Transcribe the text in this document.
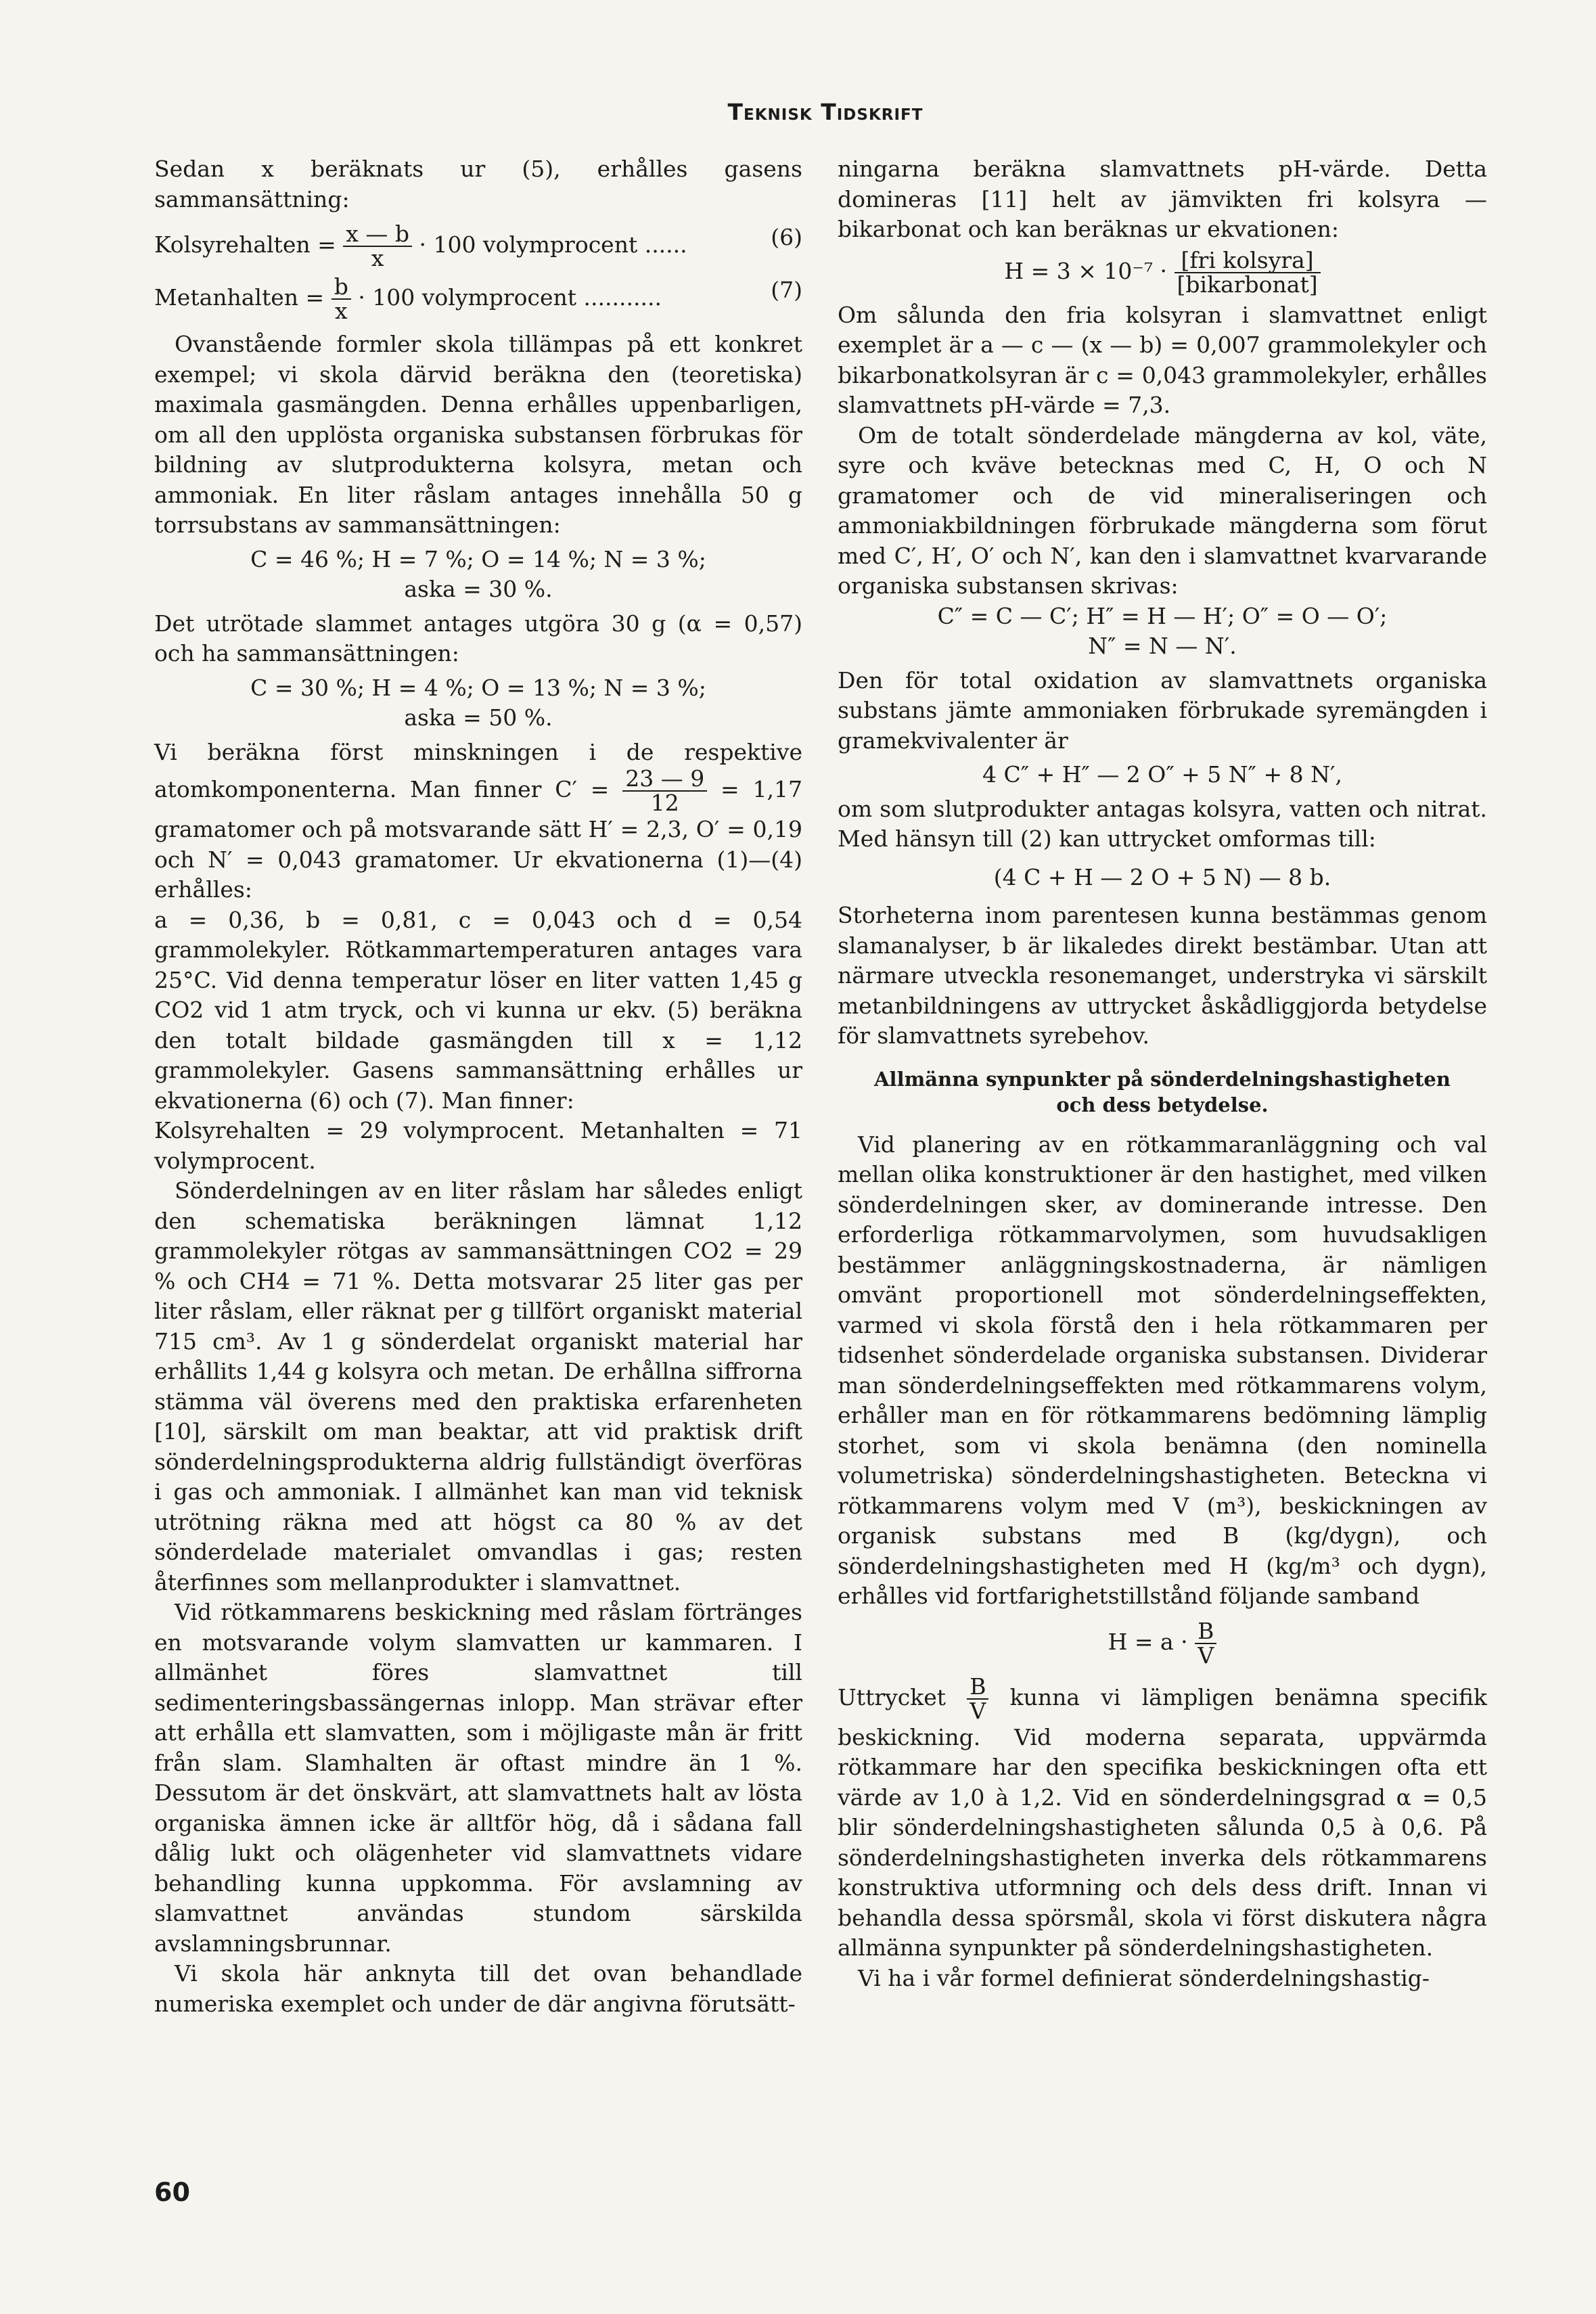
Teknisk Tidskrift

Sedan x beräknats ur (5), erhålles gasens sammansättning:

Kolsyrehalten = $\frac{x — b}{x} \cdot 100$ volymprocent ......	(6)
Metanhalten = $\frac{b}{x} \cdot 100$ volymprocent ...........	(7)

Ovanstående formler skola tillämpas på ett konkret exempel; vi skola därvid beräkna den (teoretiska) maximala gasmängden. Denna erhålles uppenbarligen, om all den upplösta organiska substansen förbrukas för bildning av slutprodukterna kolsyra, metan och ammoniak. En liter råslam antages innehålla 50 g torrsubstans av sammansättningen:

C = 46 %; H = 7 %; O = 14 %; N = 3 %;

aska = 30 %.

Det utrötade slammet antages utgöra 30 g (α = 0,57) och ha sammansättningen:

C = 30 %; H = 4 %; O = 13 %; N = 3 %;

aska = 50 %.

Vi beräkna först minskningen i de respektive atomkomponenterna. Man finner $C' = \frac{23 — 9}{12} = 1,17$ gramatomer och på motsvarande sätt H′ = 2,3, O′ = 0,19 och N′ = 0,043 gramatomer. Ur ekvationerna (1)—(4) erhålles:

a = 0,36, b = 0,81, c = 0,043 och d = 0,54 grammolekyler. Rötkammartemperaturen antages vara 25°C. Vid denna temperatur löser en liter vatten 1,45 g CO2 vid 1 atm tryck, och vi kunna ur ekv. (5) beräkna den totalt bildade gasmängden till x = 1,12 grammolekyler. Gasens sammansättning erhålles ur ekvationerna (6) och (7). Man finner:

Kolsyrehalten = 29 volymprocent. Metanhalten = 71 volymprocent.

Sönderdelningen av en liter råslam har således enligt den schematiska beräkningen lämnat 1,12 grammolekyler rötgas av sammansättningen CO2 = 29 % och CH4 = 71 %. Detta motsvarar 25 liter gas per liter råslam, eller räknat per g tillfört organiskt material 715 cm³. Av 1 g sönderdelat organiskt material har erhållits 1,44 g kolsyra och metan. De erhållna siffrorna stämma väl överens med den praktiska erfarenheten [10], särskilt om man beaktar, att vid praktisk drift sönderdelningsprodukterna aldrig fullständigt överföras i gas och ammoniak. I allmänhet kan man vid teknisk utrötning räkna med att högst ca 80 % av det sönderdelade materialet omvandlas i gas; resten återfinnes som mellanprodukter i slamvattnet.

Vid rötkammarens beskickning med råslam förtränges en motsvarande volym slamvatten ur kammaren. I allmänhet föres slamvattnet till sedimenteringsbassängernas inlopp. Man strävar efter att erhålla ett slamvatten, som i möjligaste mån är fritt från slam. Slamhalten är oftast mindre än 1 %. Dessutom är det önskvärt, att slamvattnets halt av lösta organiska ämnen icke är alltför hög, då i sådana fall dålig lukt och olägenheter vid slamvattnets vidare behandling kunna uppkomma. För avslamning av slamvattnet användas stundom särskilda avslamningsbrunnar.

Vi skola här anknyta till det ovan behandlade numeriska exemplet och under de där angivna förutsätt-

ningarna beräkna slamvattnets pH-värde. Detta domineras [11] helt av jämvikten fri kolsyra — bikarbonat och kan beräknas ur ekvationen:

$H = 3 \times 10^{-7} \cdot \frac{\text{[fri kolsyra]}}{\text{[bikarbonat]}}$

Om sålunda den fria kolsyran i slamvattnet enligt exemplet är a — c — (x — b) = 0,007 grammolekyler och bikarbonatkolsyran är c = 0,043 grammolekyler, erhålles slamvattnets pH-värde = 7,3.

Om de totalt sönderdelade mängderna av kol, väte, syre och kväve betecknas med C, H, O och N gramatomer och de vid mineraliseringen och ammoniakbildningen förbrukade mängderna som förut med C′, H′, O′ och N′, kan den i slamvattnet kvarvarande organiska substansen skrivas:

C″ = C — C′; H″ = H — H′; O″ = O — O′;

N″ = N — N′.

Den för total oxidation av slamvattnets organiska substans jämte ammoniaken förbrukade syremängden i gramekvivalenter är

4 C″ + H″ — 2 O″ + 5 N″ + 8 N′,

om som slutprodukter antagas kolsyra, vatten och nitrat. Med hänsyn till (2) kan uttrycket omformas till:

(4 C + H — 2 O + 5 N) — 8 b.

Storheterna inom parentesen kunna bestämmas genom slamanalyser, b är likaledes direkt bestämbar. Utan att närmare utveckla resonemanget, understryka vi särskilt metanbildningens av uttrycket åskådliggjorda betydelse för slamvattnets syrebehov.

Allmänna synpunkter på sönderdelningshastigheten
och dess betydelse.

Vid planering av en rötkammaranläggning och val mellan olika konstruktioner är den hastighet, med vilken sönderdelningen sker, av dominerande intresse. Den erforderliga rötkammarvolymen, som huvudsakligen bestämmer anläggningskostnaderna, är nämligen omvänt proportionell mot sönderdelningseffekten, varmed vi skola förstå den i hela rötkammaren per tidsenhet sönderdelade organiska substansen. Dividerar man sönderdelningseffekten med rötkammarens volym, erhåller man en för rötkammarens bedömning lämplig storhet, som vi skola benämna (den nominella volumetriska) sönderdelningshastigheten. Beteckna vi rötkammarens volym med V (m³), beskickningen av organisk substans med B (kg/dygn), och sönderdelningshastigheten med H (kg/m³ och dygn), erhålles vid fortfarighetstillstånd följande samband

$H = a \cdot \frac{B}{V}$

Uttrycket $\frac{B}{V}$ kunna vi lämpligen benämna specifik beskickning. Vid moderna separata, uppvärmda rötkammare har den specifika beskickningen ofta ett värde av 1,0 à 1,2. Vid en sönderdelningsgrad α = 0,5 blir sönderdelningshastigheten sålunda 0,5 à 0,6. På sönderdelningshastigheten inverka dels rötkammarens konstruktiva utformning och dels dess drift. Innan vi behandla dessa spörsmål, skola vi först diskutera några allmänna synpunkter på sönderdelningshastigheten.

Vi ha i vår formel definierat sönderdelningshastig-

60
